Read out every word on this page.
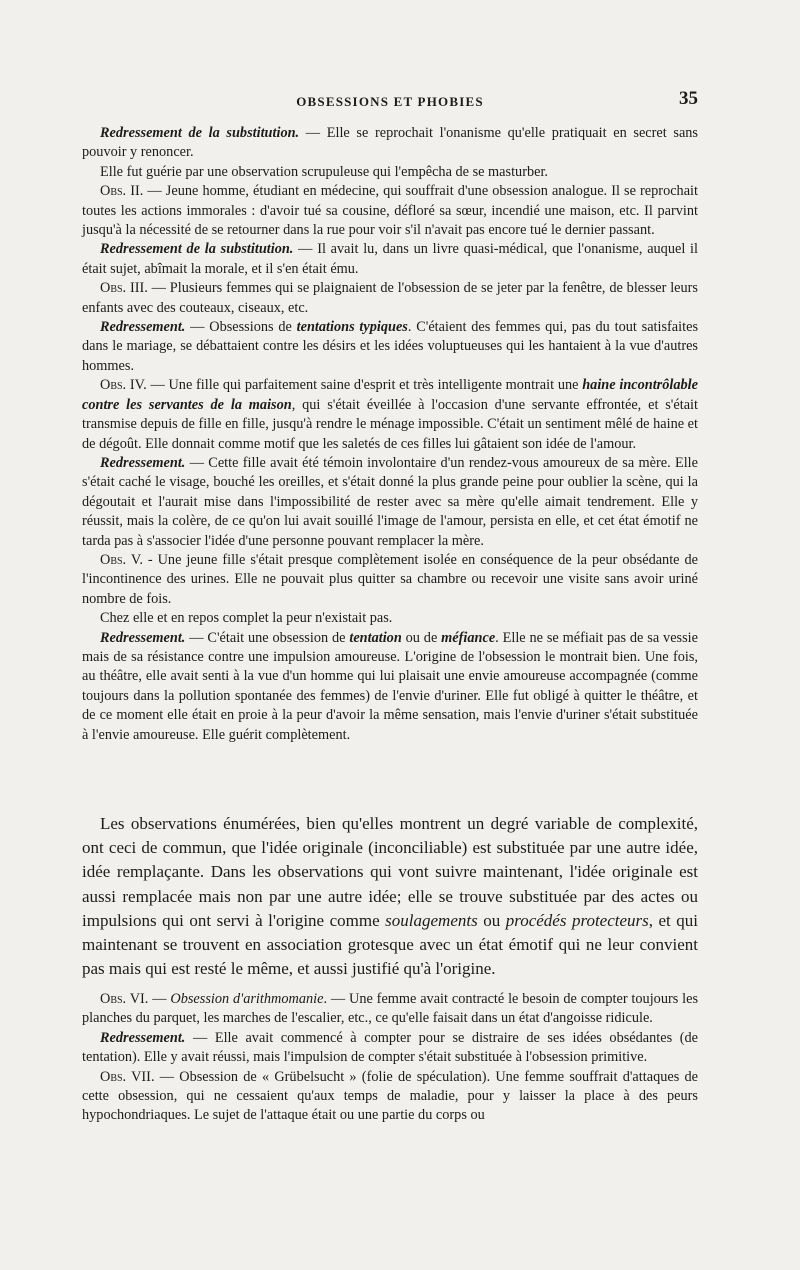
OBSESSIONS ET PHOBIES	35

Redressement de la substitution. — Elle se reprochait l'onanisme qu'elle pratiquait en secret sans pouvoir y renoncer.

Elle fut guérie par une observation scrupuleuse qui l'empêcha de se masturber.

Obs. II. — Jeune homme, étudiant en médecine, qui souffrait d'une obsession analogue. Il se reprochait toutes les actions immorales : d'avoir tué sa cousine, défloré sa sœur, incendié une maison, etc. Il parvint jusqu'à la nécessité de se retourner dans la rue pour voir s'il n'avait pas encore tué le dernier passant.

Redressement de la substitution. — Il avait lu, dans un livre quasi-médical, que l'onanisme, auquel il était sujet, abîmait la morale, et il s'en était ému.

Obs. III. — Plusieurs femmes qui se plaignaient de l'obsession de se jeter par la fenêtre, de blesser leurs enfants avec des couteaux, ciseaux, etc.

Redressement. — Obsessions de tentations typiques. C'étaient des femmes qui, pas du tout satisfaites dans le mariage, se débattaient contre les désirs et les idées voluptueuses qui les hantaient à la vue d'autres hommes.

Obs. IV. — Une fille qui parfaitement saine d'esprit et très intelligente montrait une haine incontrôlable contre les servantes de la maison, qui s'était éveillée à l'occasion d'une servante effrontée, et s'était transmise depuis de fille en fille, jusqu'à rendre le ménage impossible. C'était un sentiment mêlé de haine et de dégoût. Elle donnait comme motif que les saletés de ces filles lui gâtaient son idée de l'amour.

Redressement. — Cette fille avait été témoin involontaire d'un rendez-vous amoureux de sa mère. Elle s'était caché le visage, bouché les oreilles, et s'était donné la plus grande peine pour oublier la scène, qui la dégoutait et l'aurait mise dans l'impossibilité de rester avec sa mère qu'elle aimait tendrement. Elle y réussit, mais la colère, de ce qu'on lui avait souillé l'image de l'amour, persista en elle, et cet état émotif ne tarda pas à s'associer l'idée d'une personne pouvant remplacer la mère.

Obs. V. - Une jeune fille s'était presque complètement isolée en conséquence de la peur obsédante de l'incontinence des urines. Elle ne pouvait plus quitter sa chambre ou recevoir une visite sans avoir uriné nombre de fois.

Chez elle et en repos complet la peur n'existait pas.

Redressement. — C'était une obsession de tentation ou de méfiance. Elle ne se méfiait pas de sa vessie mais de sa résistance contre une impulsion amoureuse. L'origine de l'obsession le montrait bien. Une fois, au théâtre, elle avait senti à la vue d'un homme qui lui plaisait une envie amoureuse accompagnée (comme toujours dans la pollution spontanée des femmes) de l'envie d'uriner. Elle fut obligé à quitter le théâtre, et de ce moment elle était en proie à la peur d'avoir la même sensation, mais l'envie d'uriner s'était substituée à l'envie amoureuse. Elle guérit complètement.

Les observations énumérées, bien qu'elles montrent un degré variable de complexité, ont ceci de commun, que l'idée originale (inconciliable) est substituée par une autre idée, idée remplaçante. Dans les observations qui vont suivre maintenant, l'idée originale est aussi remplacée mais non par une autre idée; elle se trouve substituée par des actes ou impulsions qui ont servi à l'origine comme soulagements ou procédés protecteurs, et qui maintenant se trouvent en association grotesque avec un état émotif qui ne leur convient pas mais qui est resté le même, et aussi justifié qu'à l'origine.

Obs. VI. — Obsession d'arithmomanie. — Une femme avait contracté le besoin de compter toujours les planches du parquet, les marches de l'escalier, etc., ce qu'elle faisait dans un état d'angoisse ridicule.

Redressement. — Elle avait commencé à compter pour se distraire de ses idées obsédantes (de tentation). Elle y avait réussi, mais l'impulsion de compter s'était substituée à l'obsession primitive.

Obs. VII. — Obsession de « Grübelsucht » (folie de spéculation). Une femme souffrait d'attaques de cette obsession, qui ne cessaient qu'aux temps de maladie, pour y laisser la place à des peurs hypochondriaques. Le sujet de l'attaque était ou une partie du corps ou
